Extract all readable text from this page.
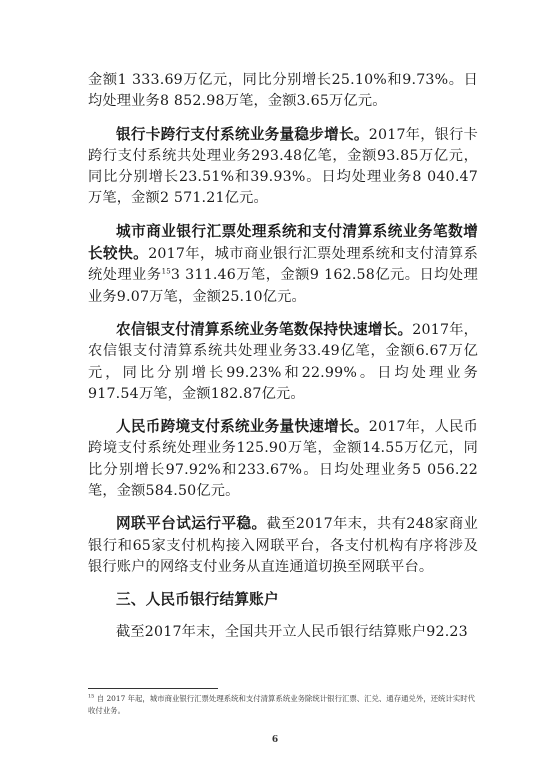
金额1 333.69万亿元，同比分别增长25.10%和9.73%。日均处理业务8 852.98万笔，金额3.65万亿元。

银行卡跨行支付系统业务量稳步增长。2017年，银行卡跨行支付系统共处理业务293.48亿笔，金额93.85万亿元，同比分别增长23.51%和39.93%。日均处理业务8 040.47万笔，金额2 571.21亿元。

城市商业银行汇票处理系统和支付清算系统业务笔数增长较快。2017年，城市商业银行汇票处理系统和支付清算系统处理业务$^{15}$3 311.46万笔，金额9 162.58亿元。日均处理业务9.07万笔，金额25.10亿元。

农信银支付清算系统业务笔数保持快速增长。2017年，农信银支付清算系统共处理业务33.49亿笔，金额6.67万亿元，同比分别增长99.23%和22.99%。日均处理业务917.54万笔，金额182.87亿元。

人民币跨境支付系统业务量快速增长。2017年，人民币跨境支付系统处理业务125.90万笔，金额14.55万亿元，同比分别增长97.92%和233.67%。日均处理业务5 056.22笔，金额584.50亿元。

网联平台试运行平稳。截至2017年末，共有248家商业银行和65家支付机构接入网联平台，各支付机构有序将涉及银行账户的网络支付业务从直连通道切换至网联平台。

三、人民币银行结算账户

截至2017年末，全国共开立人民币银行结算账户92.23

$^{15}$ 自 2017 年起，城市商业银行汇票处理系统和支付清算系统业务除统计银行汇票、汇兑、通存通兑外，还统计实时代收付业务。
6
